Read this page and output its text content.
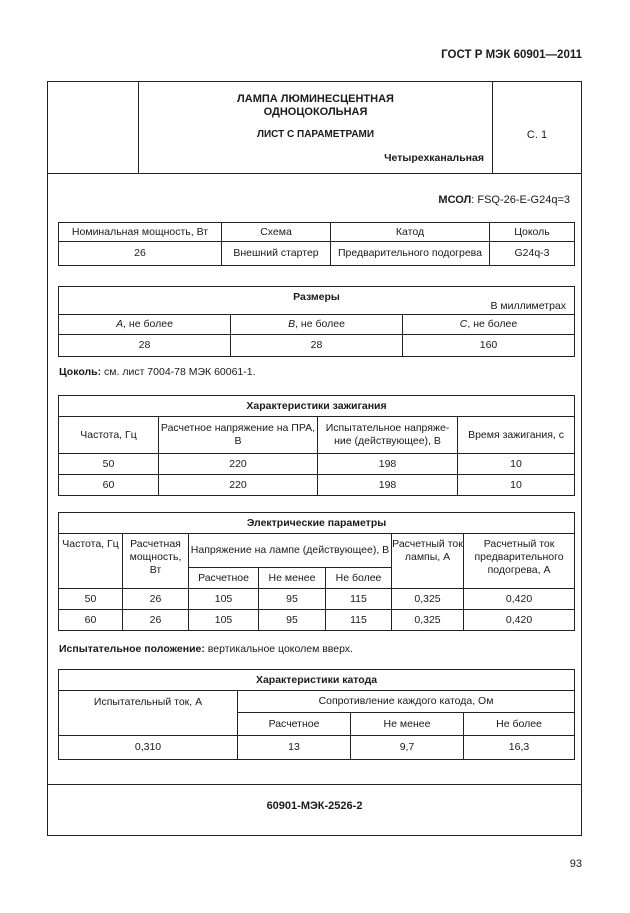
ГОСТ Р МЭК 60901—2011
ЛАМПА ЛЮМИНЕСЦЕНТНАЯ
ОДНОЦОКОЛЬНАЯ
ЛИСТ С ПАРАМЕТРАМИ
Четырехканальная
С. 1
МСОЛ: FSQ-26-E-G24q=3
Номинальная мощность, Вт	Схема	Катод	Цоколь
26	Внешний стартер	Предварительного подогрева	G24q-3
Размеры
В миллиметрах		

A, не более	B, не более	C, не более
28	28	160
Цоколь: см. лист 7004-78 МЭК 60061-1.
Характеристики зажигания			
Частота, Гц	Расчетное напряжение на ПРА, В	Испытательное напряже-ние (действующее), В	Время зажигания, с
50	220	198	10
60	220	198	10
Электрические параметры						
Частота, Гц	Расчетная мощность, Вт	Напряжение на лампе (действующее), В			Расчетный ток лампы, А	Расчетный ток предварительного подогрева, А
		Расчетное	Не менее	Не более		
50	26	105	95	115	0,325	0,420
60	26	105	95	115	0,325	0,420
Испытательное положение: вертикальное цоколем вверх.
Характеристики катода			
Испытательный ток, А	Сопротивление каждого катода, Ом		
	Расчетное	Не менее	Не более
0,310	13	9,7	16,3
60901-МЭК-2526-2
93
